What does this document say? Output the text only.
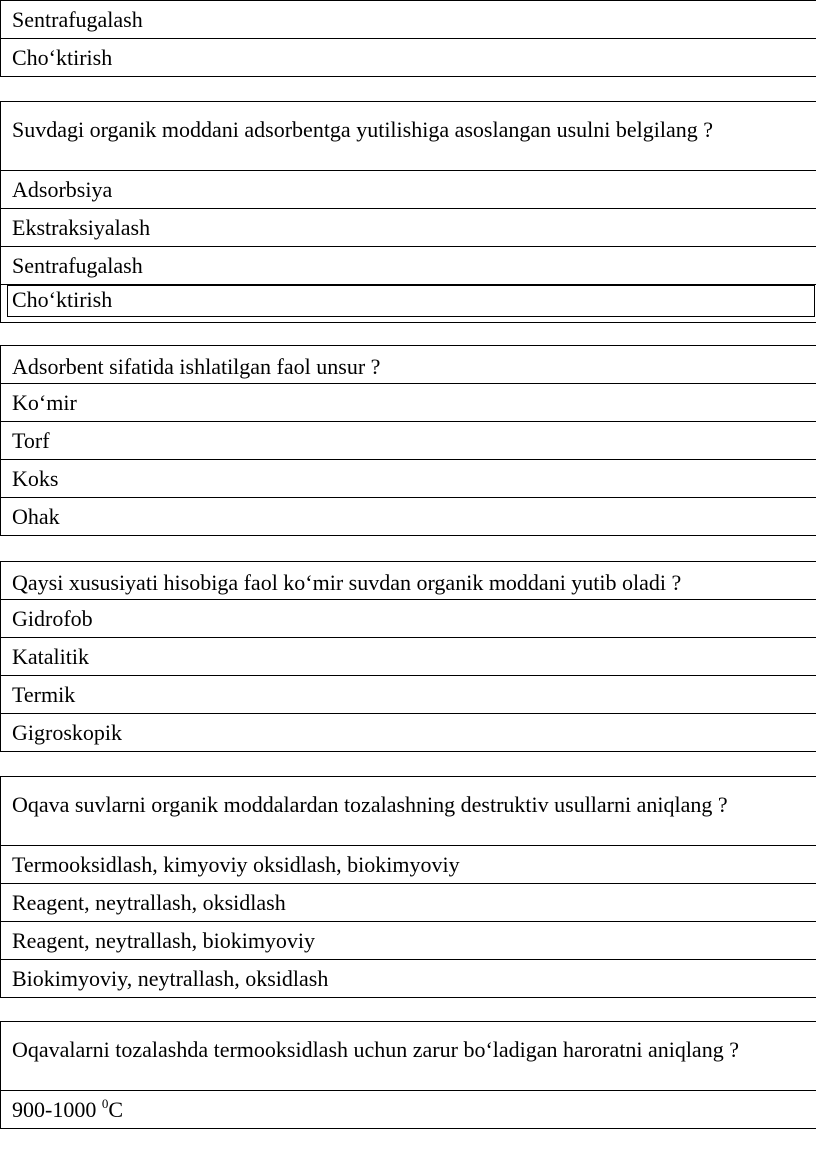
Sentrafugalash
Cho‘ktirish
Suvdagi organik moddani adsorbentga yutilishiga asoslangan usulni belgilang ?
Adsorbsiya
Ekstraksiyalash
Sentrafugalash
Cho‘ktirish
Adsorbent sifatida ishlatilgan faol unsur ?
Ko‘mir
Torf
Koks
Ohak
Qaysi xususiyati hisobiga faol ko‘mir suvdan organik moddani yutib oladi ?
Gidrofob
Katalitik
Termik
Gigroskopik
Oqava suvlarni organik moddalardan tozalashning destruktiv usullarni aniqlang ?
Termooksidlash, kimyoviy oksidlash, biokimyoviy
Reagent, neytrallash, oksidlash
Reagent, neytrallash, biokimyoviy
Biokimyoviy, neytrallash, oksidlash
Oqavalarni tozalashda termooksidlash uchun zarur bo‘ladigan haroratni aniqlang ?
900-1000 $^0$C
